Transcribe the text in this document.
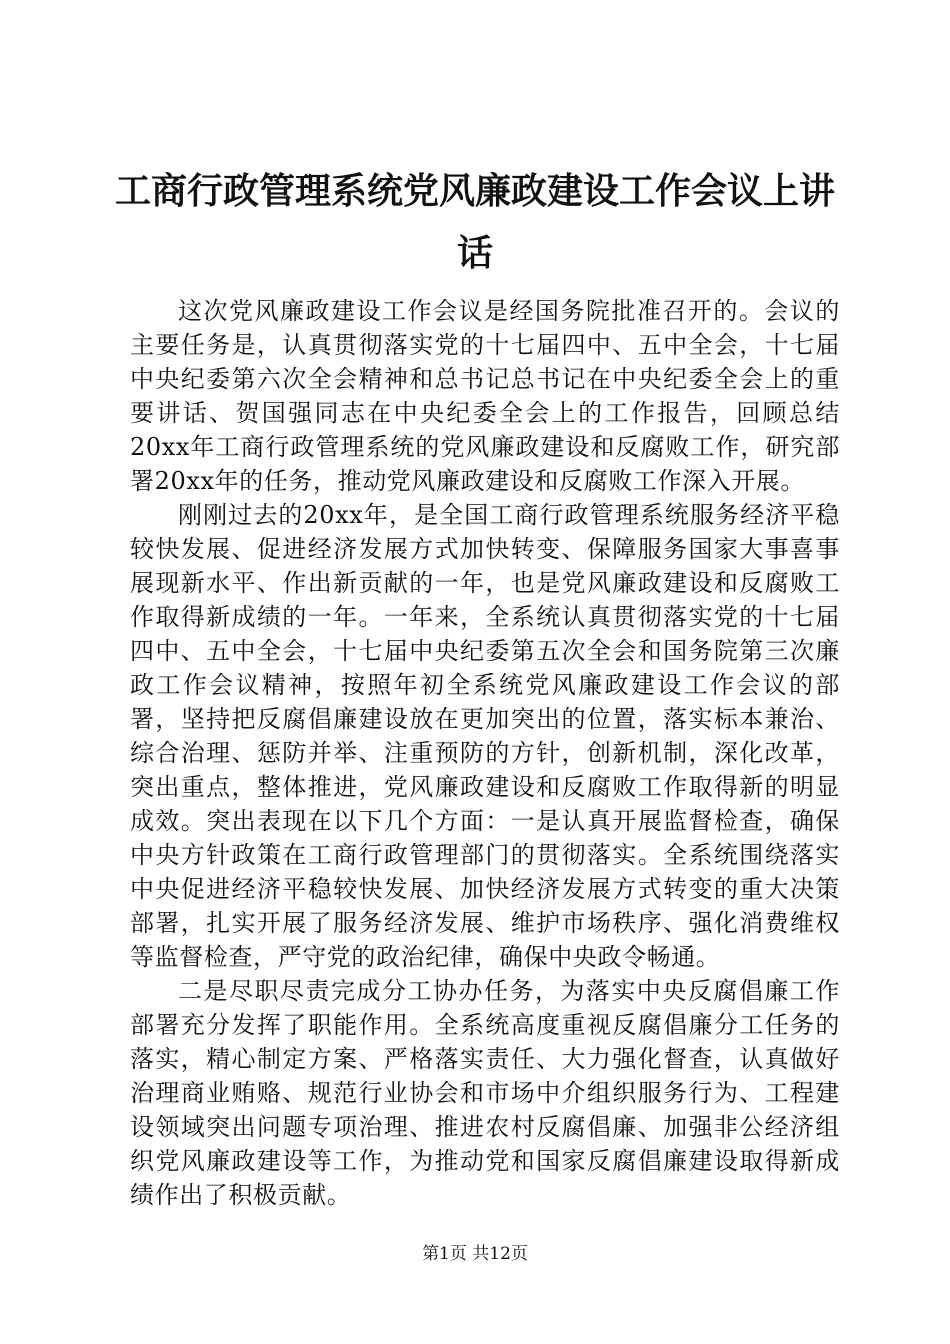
工商行政管理系统党风廉政建设工作会议上讲话

这次党风廉政建设工作会议是经国务院批准召开的。会议的主要任务是，认真贯彻落实党的十七届四中、五中全会，十七届中央纪委第六次全会精神和总书记总书记在中央纪委全会上的重要讲话、贺国强同志在中央纪委全会上的工作报告，回顾总结20xx年工商行政管理系统的党风廉政建设和反腐败工作，研究部署20xx年的任务，推动党风廉政建设和反腐败工作深入开展。

刚刚过去的20xx年，是全国工商行政管理系统服务经济平稳较快发展、促进经济发展方式加快转变、保障服务国家大事喜事展现新水平、作出新贡献的一年，也是党风廉政建设和反腐败工作取得新成绩的一年。一年来，全系统认真贯彻落实党的十七届四中、五中全会，十七届中央纪委第五次全会和国务院第三次廉政工作会议精神，按照年初全系统党风廉政建设工作会议的部署，坚持把反腐倡廉建设放在更加突出的位置，落实标本兼治、综合治理、惩防并举、注重预防的方针，创新机制，深化改革，突出重点，整体推进，党风廉政建设和反腐败工作取得新的明显成效。突出表现在以下几个方面：一是认真开展监督检查，确保中央方针政策在工商行政管理部门的贯彻落实。全系统围绕落实中央促进经济平稳较快发展、加快经济发展方式转变的重大决策部署，扎实开展了服务经济发展、维护市场秩序、强化消费维权等监督检查，严守党的政治纪律，确保中央政令畅通。

二是尽职尽责完成分工协办任务，为落实中央反腐倡廉工作部署充分发挥了职能作用。全系统高度重视反腐倡廉分工任务的落实，精心制定方案、严格落实责任、大力强化督查，认真做好治理商业贿赂、规范行业协会和市场中介组织服务行为、工程建设领域突出问题专项治理、推进农村反腐倡廉、加强非公经济组织党风廉政建设等工作，为推动党和国家反腐倡廉建设取得新成绩作出了积极贡献。

第1页 共12页
